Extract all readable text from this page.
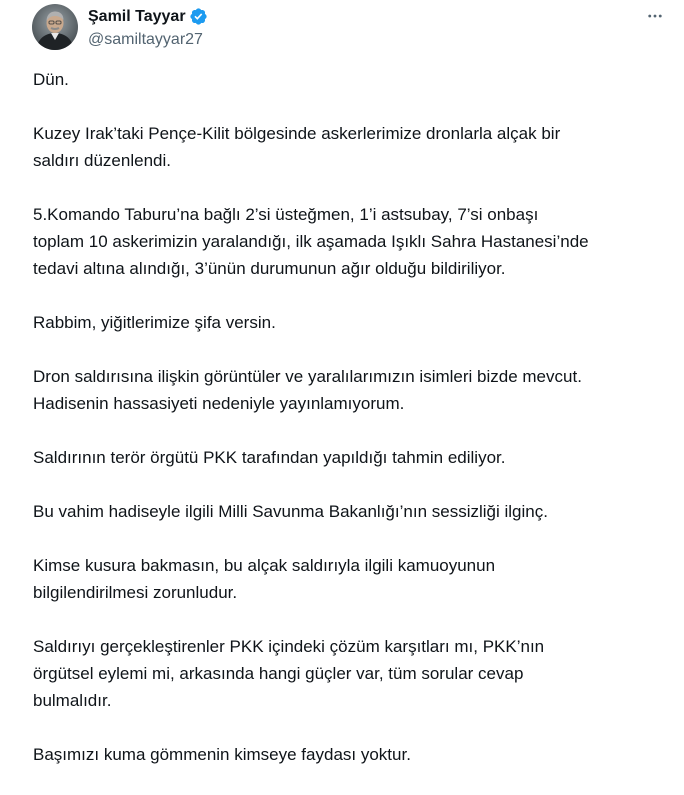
Şamil Tayyar
@samiltayyar27

Dün.

Kuzey Irak’taki Pençe-Kilit bölgesinde askerlerimize dronlarla alçak bir
saldırı düzenlendi.

5.Komando Taburu’na bağlı 2’si üsteğmen, 1’i astsubay, 7’si onbaşı
toplam 10 askerimizin yaralandığı, ilk aşamada Işıklı Sahra Hastanesi’nde
tedavi altına alındığı, 3’ünün durumunun ağır olduğu bildiriliyor.

Rabbim, yiğitlerimize şifa versin.

Dron saldırısına ilişkin görüntüler ve yaralılarımızın isimleri bizde mevcut.
Hadisenin hassasiyeti nedeniyle yayınlamıyorum.

Saldırının terör örgütü PKK tarafından yapıldığı tahmin ediliyor.

Bu vahim hadiseyle ilgili Milli Savunma Bakanlığı’nın sessizliği ilginç.

Kimse kusura bakmasın, bu alçak saldırıyla ilgili kamuoyunun
bilgilendirilmesi zorunludur.

Saldırıyı gerçekleştirenler PKK içindeki çözüm karşıtları mı, PKK’nın
örgütsel eylemi mi, arkasında hangi güçler var, tüm sorular cevap
bulmalıdır.

Başımızı kuma gömmenin kimseye faydası yoktur.
